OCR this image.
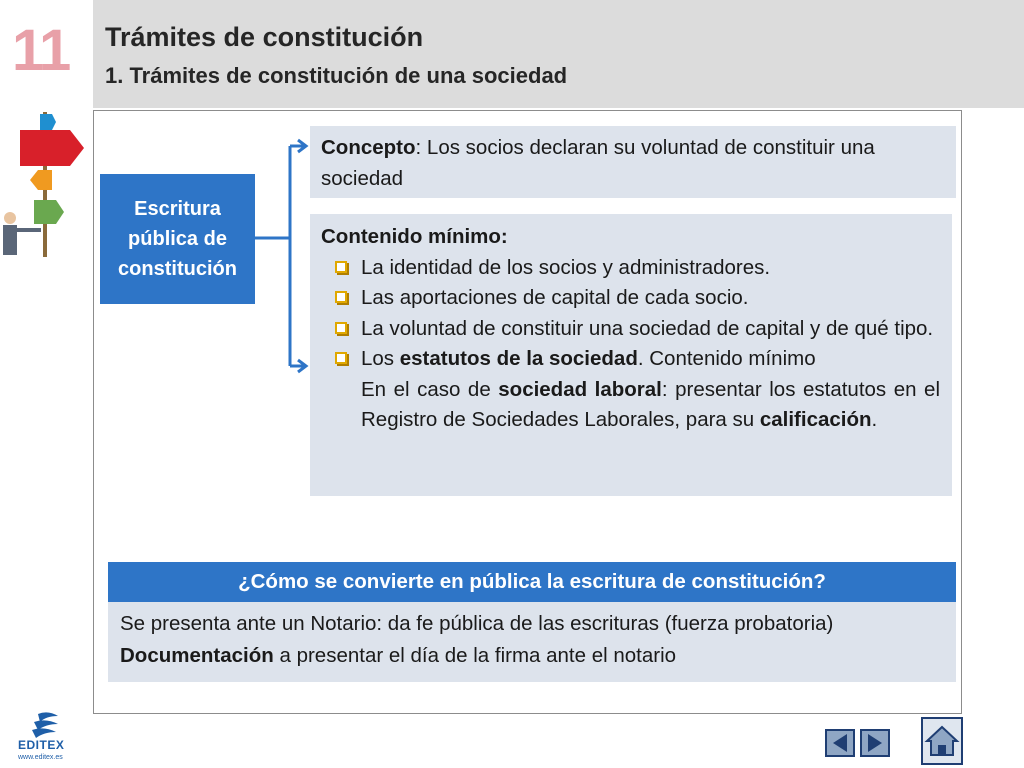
11	Trámites de constitución
1. Trámites de constitución de una sociedad
Escritura pública de constitución
Concepto: Los socios declaran su voluntad de constituir una sociedad
Contenido mínimo:
La identidad de los socios y administradores.
Las aportaciones de capital de cada socio.
La voluntad de constituir una sociedad de capital y de qué tipo.
Los estatutos de la sociedad. Contenido mínimo
En el caso de sociedad laboral: presentar los estatutos en el Registro de Sociedades Laborales, para su calificación.
¿Cómo se convierte en pública la escritura de constitución?
Se presenta ante un Notario: da fe pública de las escrituras (fuerza probatoria)
Documentación a presentar el día de la firma ante el notario
EDITEX
www.editex.es
